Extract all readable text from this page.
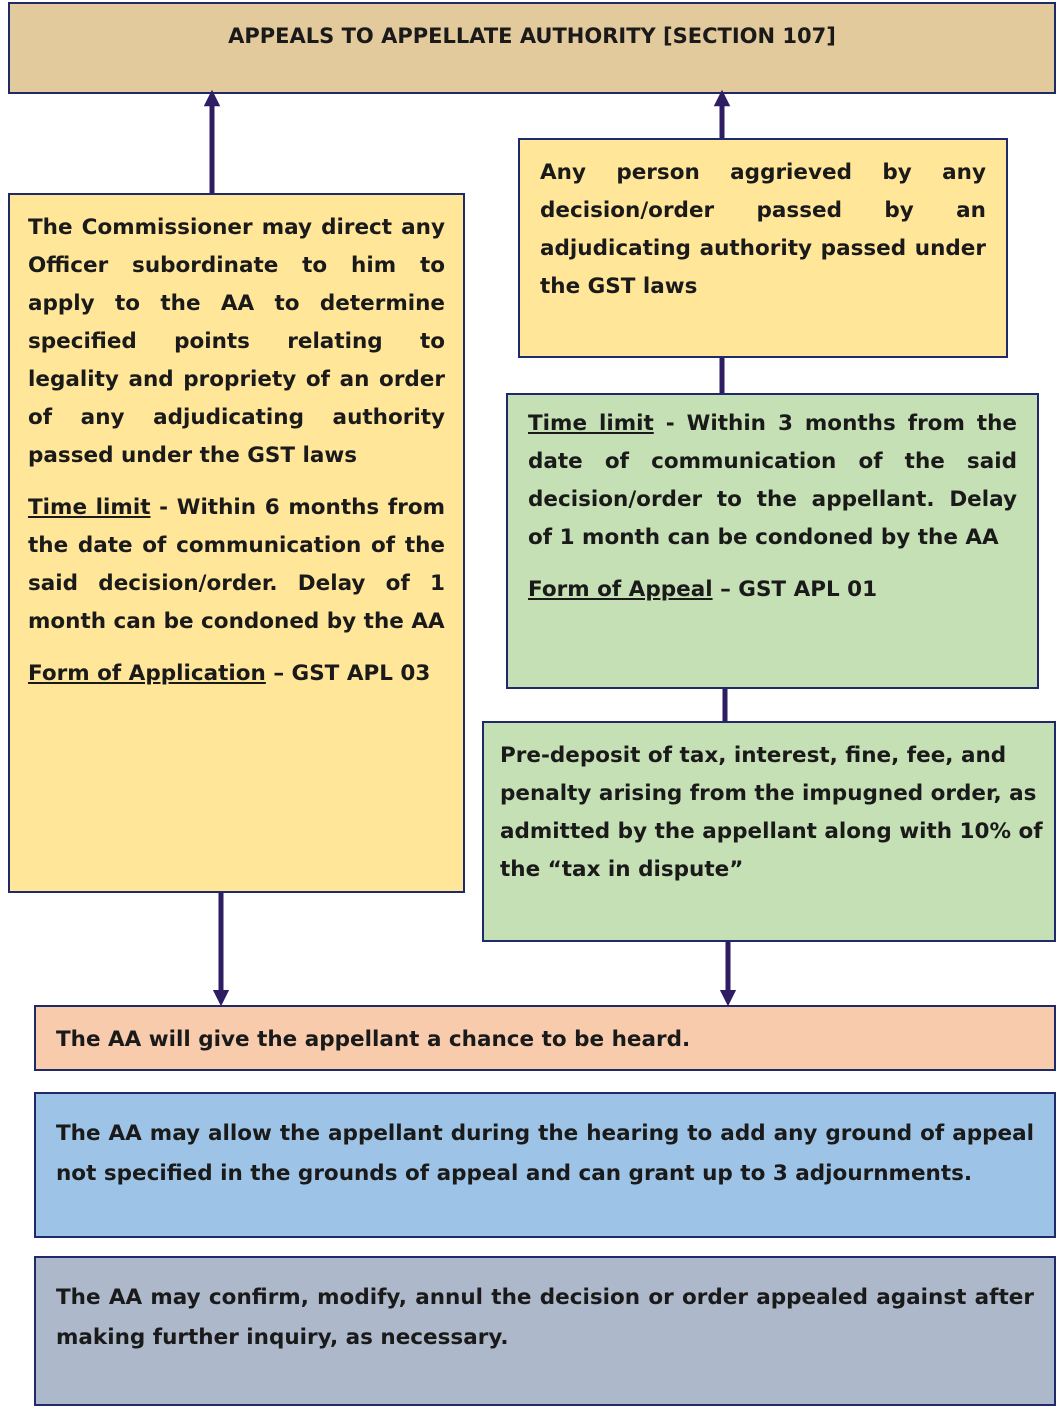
APPEALS TO APPELLATE AUTHORITY [SECTION 107]

The Commissioner may direct any Officer subordinate to him to apply to the AA to determine specified points relating to legality and propriety of an order of any adjudicating authority passed under the GST laws

Time limit - Within 6 months from the date of communication of the said decision/order. Delay of 1 month can be condoned by the AA

Form of Application – GST APL 03

Any person aggrieved by any decision/order passed by an adjudicating authority passed under the GST laws

Time limit - Within 3 months from the date of communication of the said decision/order to the appellant. Delay of 1 month can be condoned by the AA

Form of Appeal – GST APL 01

Pre-deposit of tax, interest, fine, fee, and penalty arising from the impugned order, as admitted by the appellant along with 10% of the “tax in dispute”

The AA will give the appellant a chance to be heard.

The AA may allow the appellant during the hearing to add any ground of appeal not specified in the grounds of appeal and can grant up to 3 adjournments.

The AA may confirm, modify, annul the decision or order appealed against after making further inquiry, as necessary.
